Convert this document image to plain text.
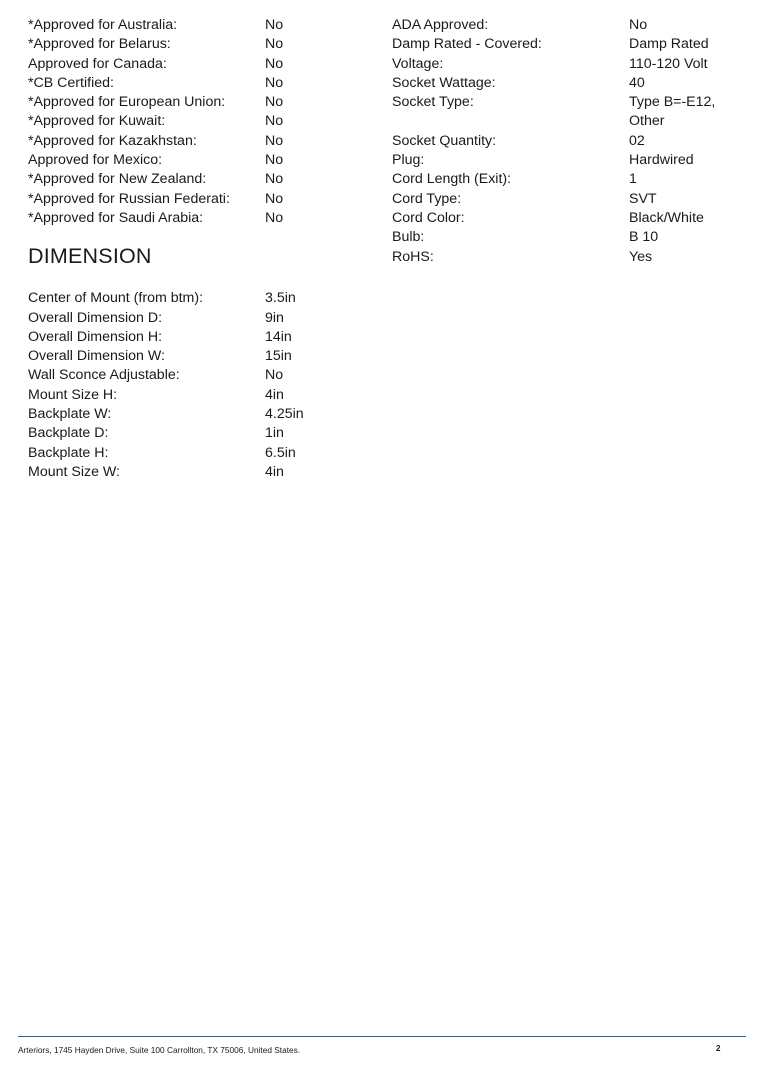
*Approved for Australia:	No
*Approved for Belarus:	No
Approved for Canada:	No
*CB Certified:	No
*Approved for European Union:	No
*Approved for Kuwait:	No
*Approved for Kazakhstan:	No
Approved for Mexico:	No
*Approved for New Zealand:	No
*Approved for Russian Federati:	No
*Approved for Saudi Arabia:	No
DIMENSION
Center of Mount (from btm):	3.5in
Overall Dimension D:	9in
Overall Dimension H:	14in
Overall Dimension W:	15in
Wall Sconce Adjustable:	No
Mount Size H:	4in
Backplate W:	4.25in
Backplate D:	1in
Backplate H:	6.5in
Mount Size W:	4in
ADA Approved:	No
Damp Rated - Covered:	Damp Rated
Voltage:	110-120 Volt
Socket Wattage:	40
Socket Type:	Type B=-E12,
Other
Socket Quantity:	02
Plug:	Hardwired
Cord Length (Exit):	1
Cord Type:	SVT
Cord Color:	Black/White
Bulb:	B 10
RoHS:	Yes
Arteriors, 1745 Hayden Drive, Suite 100 Carrollton, TX 75006, United States.	2
